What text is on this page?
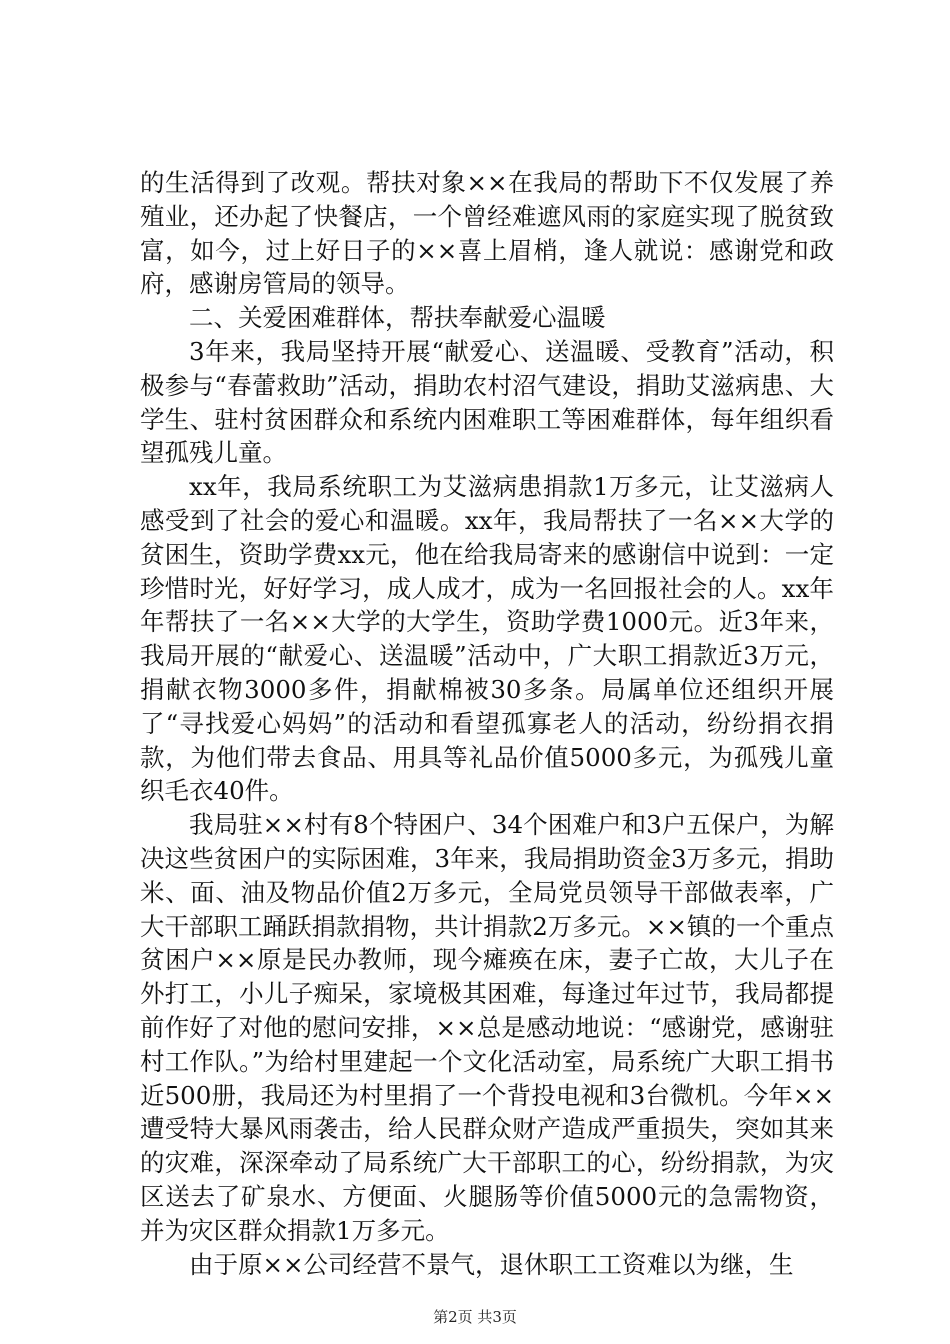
的生活得到了改观。帮扶对象××在我局的帮助下不仅发展了养殖业，还办起了快餐店，一个曾经难遮风雨的家庭实现了脱贫致富，如今，过上好日子的××喜上眉梢，逢人就说：感谢党和政府，感谢房管局的领导。

二、关爱困难群体，帮扶奉献爱心温暖

3年来，我局坚持开展“献爱心、送温暖、受教育”活动，积极参与“春蕾救助”活动，捐助农村沼气建设，捐助艾滋病患、大学生、驻村贫困群众和系统内困难职工等困难群体，每年组织看望孤残儿童。

xx年，我局系统职工为艾滋病患捐款1万多元，让艾滋病人感受到了社会的爱心和温暖。xx年，我局帮扶了一名××大学的贫困生，资助学费xx元，他在给我局寄来的感谢信中说到：一定珍惜时光，好好学习，成人成才，成为一名回报社会的人。xx年年帮扶了一名××大学的大学生，资助学费1000元。近3年来，我局开展的“献爱心、送温暖”活动中，广大职工捐款近3万元，捐献衣物3000多件，捐献棉被30多条。局属单位还组织开展了“寻找爱心妈妈”的活动和看望孤寡老人的活动，纷纷捐衣捐款，为他们带去食品、用具等礼品价值5000多元，为孤残儿童织毛衣40件。

我局驻××村有8个特困户、34个困难户和3户五保户，为解决这些贫困户的实际困难，3年来，我局捐助资金3万多元，捐助米、面、油及物品价值2万多元，全局党员领导干部做表率，广大干部职工踊跃捐款捐物，共计捐款2万多元。××镇的一个重点贫困户××原是民办教师，现今瘫痪在床，妻子亡故，大儿子在外打工，小儿子痴呆，家境极其困难，每逢过年过节，我局都提前作好了对他的慰问安排，××总是感动地说：“感谢党，感谢驻村工作队。”为给村里建起一个文化活动室，局系统广大职工捐书近500册，我局还为村里捐了一个背投电视和3台微机。今年××遭受特大暴风雨袭击，给人民群众财产造成严重损失，突如其来的灾难，深深牵动了局系统广大干部职工的心，纷纷捐款，为灾区送去了矿泉水、方便面、火腿肠等价值5000元的急需物资，并为灾区群众捐款1万多元。

由于原××公司经营不景气，退休职工工资难以为继，生

第2页 共3页
